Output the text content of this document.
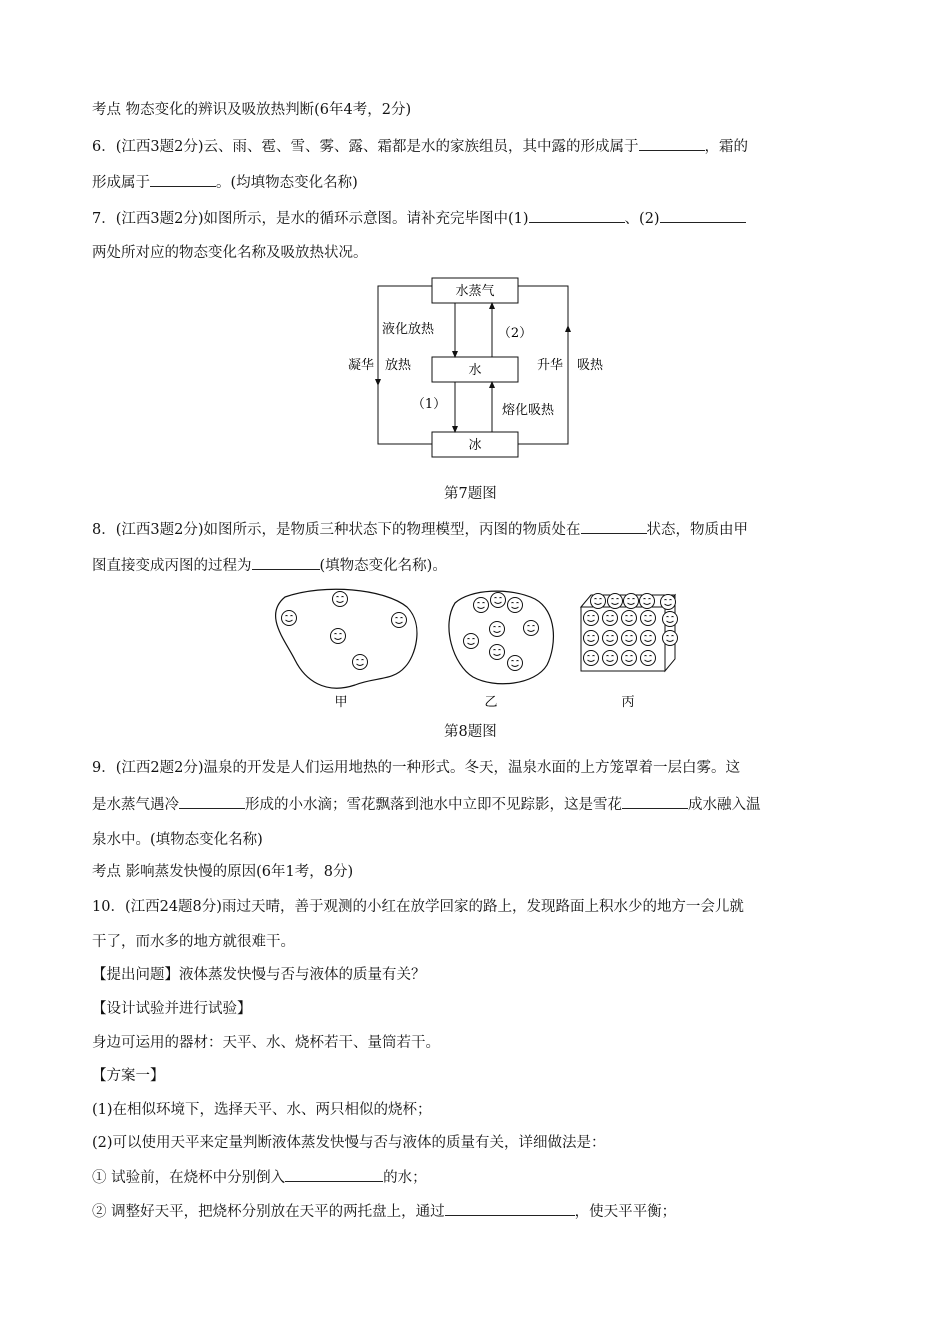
考点 物态变化的辨识及吸放热判断(6年4考，2分)
6．(江西3题2分)云、雨、雹、雪、雾、露、霜都是水的家族组员，其中露的形成属于	，霜的
形成属于	。(均填物态变化名称)
7．(江西3题2分)如图所示，是水的循环示意图。请补充完毕图中(1)	、(2)
两处所对应的物态变化名称及吸放热状况。
水蒸气
水
冰
液化放热	（2）
凝华 放热
（1）	熔化吸热
升华 吸热
第7题图
8．(江西3题2分)如图所示，是物质三种状态下的物理模型，丙图的物质处在	状态，物质由甲
图直接变成丙图的过程为	(填物态变化名称)。
甲	乙	丙
第8题图
9．(江西2题2分)温泉的开发是人们运用地热的一种形式。冬天，温泉水面的上方笼罩着一层白雾。这
是水蒸气遇冷	形成的小水滴；雪花飘落到池水中立即不见踪影，这是雪花	成水融入温
泉水中。(填物态变化名称)
考点 影响蒸发快慢的原因(6年1考，8分)
10．(江西24题8分)雨过天晴，善于观测的小红在放学回家的路上，发现路面上积水少的地方一会儿就
干了，而水多的地方就很难干。
【提出问题】液体蒸发快慢与否与液体的质量有关？
【设计试验并进行试验】
身边可运用的器材：天平、水、烧杯若干、量筒若干。
【方案一】
(1)在相似环境下，选择天平、水、两只相似的烧杯；
(2)可以使用天平来定量判断液体蒸发快慢与否与液体的质量有关，详细做法是：
① 试验前，在烧杯中分别倒入	的水；
② 调整好天平，把烧杯分别放在天平的两托盘上，通过	，使天平平衡；
